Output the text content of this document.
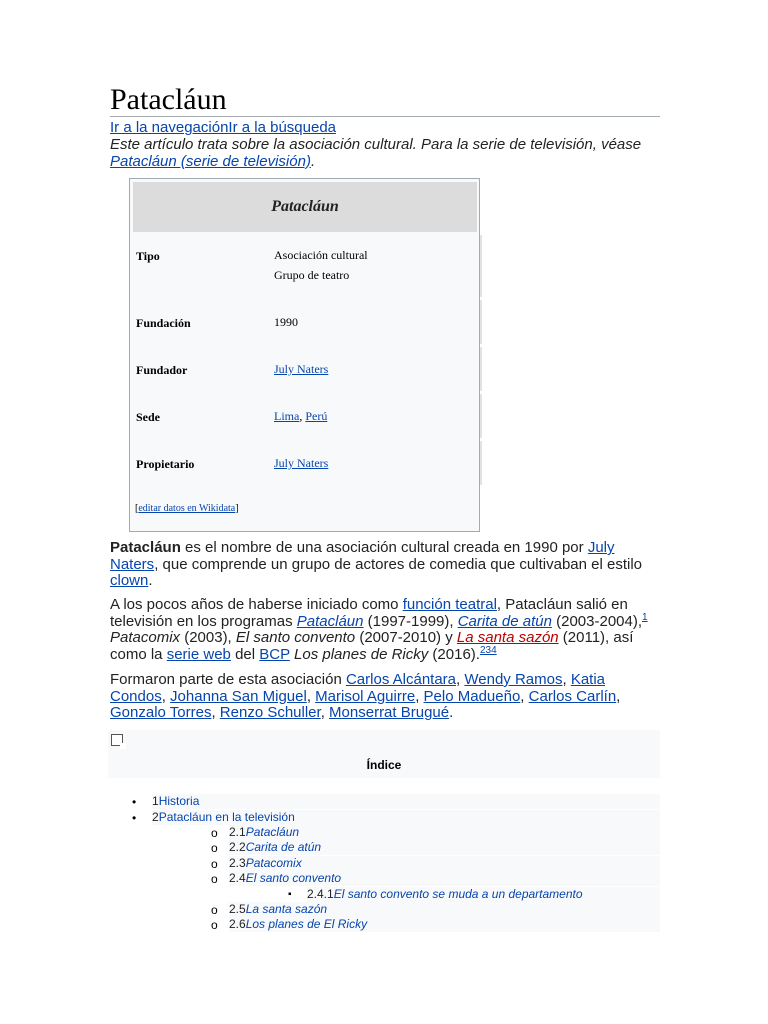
Patacláun
Ir a la navegaciónIr a la búsqueda
Este artículo trata sobre la asociación cultural. Para la serie de televisión, véase Patacláun (serie de televisión).
Patacláun
Tipo	Asociación cultural
Grupo de teatro
Fundación	1990
Fundador	July Naters
Sede	Lima, Perú
Propietario	July Naters
[editar datos en Wikidata]
Patacláun es el nombre de una asociación cultural creada en 1990 por July Naters, que comprende un grupo de actores de comedia que cultivaban el estilo clown.
A los pocos años de haberse iniciado como función teatral, Patacláun salió en televisión en los programas Patacláun (1997-1999), Carita de atún (2003-2004),$^1$ Patacomix (2003), El santo convento (2007-2010) y La santa sazón (2011), así como la serie web del BCP Los planes de Ricky (2016).$^{234}$
Formaron parte de esta asociación Carlos Alcántara, Wendy Ramos, Katia Condos, Johanna San Miguel, Marisol Aguirre, Pelo Madueño, Carlos Carlín, Gonzalo Torres, Renzo Schuller, Monserrat Brugué.
Índice
• 1Historia
• 2Patacláun en la televisión
o 2.1Patacláun
o 2.2Carita de atún
o 2.3Patacomix
o 2.4El santo convento
▪ 2.4.1El santo convento se muda a un departamento
o 2.5La santa sazón
o 2.6Los planes de El Ricky
